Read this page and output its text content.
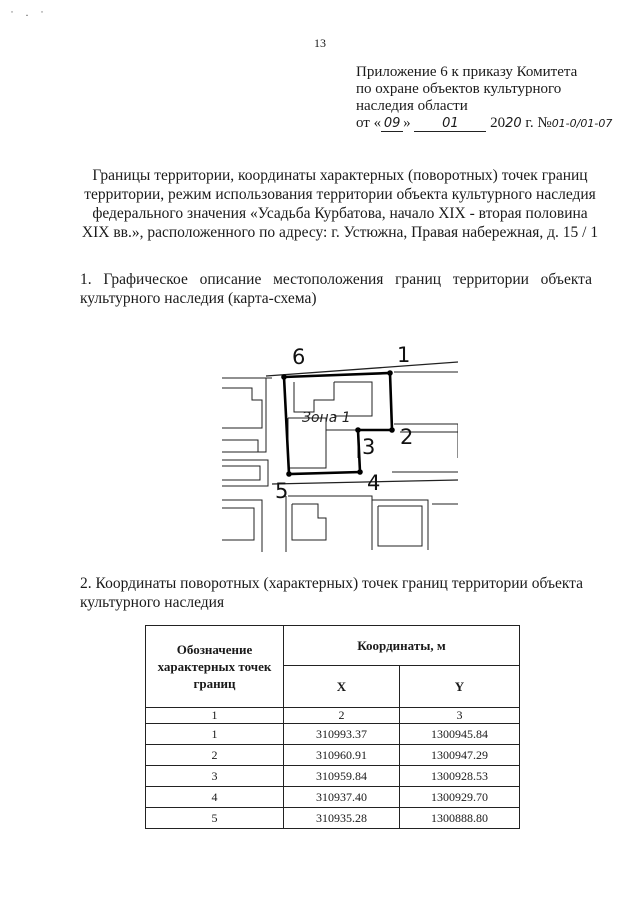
˙ · ˙
13
Приложение 6 к приказу Комитета
по охране объектов культурного
наследия области
от « 09 » 01 2020 г. №01-0/01-07
Границы территории, координаты характерных (поворотных) точек границ территории, режим использования территории объекта культурного наследия федерального значения «Усадьба Курбатова, начало XIX - вторая половина XIX вв.», расположенного по адресу: г. Устюжна, Правая набережная, д. 15 / 1
1. Графическое описание местоположения границ территории объекта культурного наследия (карта-схема)
Зона 1
6	1
3 2
5	4
2. Координаты поворотных (характерных) точек границ территории объекта культурного наследия
Обозначение характерных точек границ	Координаты, м	
	X	Y
1	2	3
1	310993.37	1300945.84
2	310960.91	1300947.29
3	310959.84	1300928.53
4	310937.40	1300929.70
5	310935.28	1300888.80
